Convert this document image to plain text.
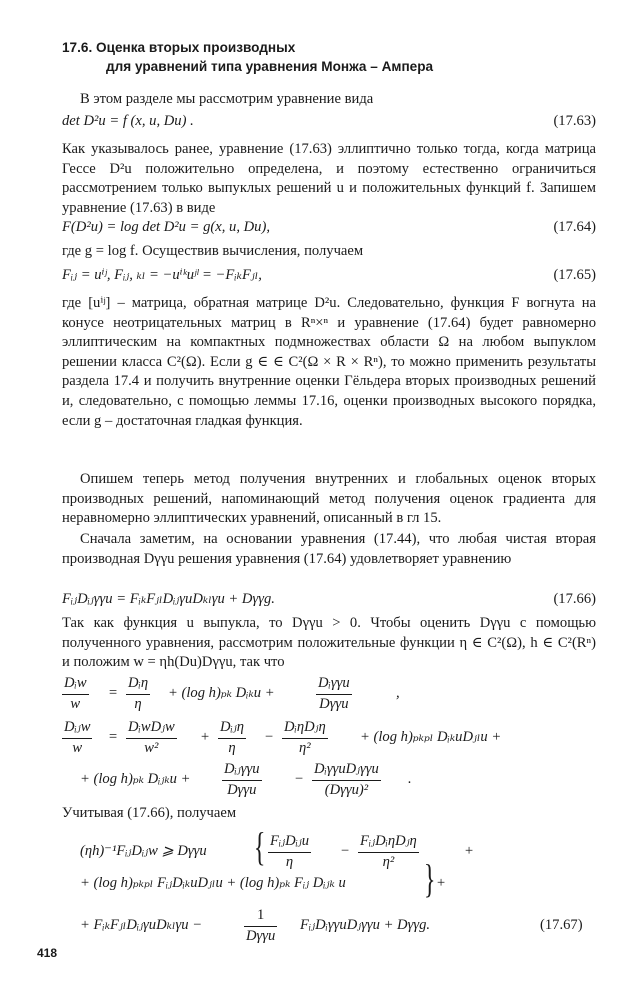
17.6. Оценка вторых производных
для уравнений типа уравнения Монжа – Ампера
В этом разделе мы рассмотрим уравнение вида
det D²u = f (x, u, Du) .	(17.63)
Как указывалось ранее, уравнение (17.63) эллиптично только тогда, когда матрица Гессе D²u положительно определена, и поэтому естественно ограничиться рассмотрением только выпуклых решений u и положительных функций f. Запишем уравнение (17.63) в виде
F(D²u) = log det D²u = g(x, u, Du),	(17.64)
где g = log f. Осуществив вычисления, получаем
Fᵢⱼ = uⁱʲ, Fᵢⱼ, ₖₗ = −uⁱᵏuʲˡ = −FᵢₖFⱼₗ,	(17.65)
где [uⁱʲ] – матрица, обратная матрице D²u. Следовательно, функция F вогнута на конусе неотрицательных матриц в Rⁿ×ⁿ и уравнение (17.64) будет равномерно эллиптическим на компактных подмножествах области Ω на любом выпуклом решении класса C²(Ω). Если g ∈ ∈ C²(Ω × R × Rⁿ), то можно применить результаты раздела 17.4 и получить внутренние оценки Гёльдера вторых производных решений и, следовательно, с помощью леммы 17.16, оценки производных высокого порядка, если g – достаточная гладкая функция.
Опишем теперь метод получения внутренних и глобальных оценок вторых производных решений, напоминающий метод получения оценок градиента для неравномерно эллиптических уравнений, описанный в гл 15.
Сначала заметим, на основании уравнения (17.44), что любая чистая вторая производная Dγγu решения уравнения (17.64) удовлетворяет уравнению
FᵢⱼDᵢⱼγγu = FᵢₖFⱼₗDᵢⱼγuDₖₗγu + Dγγg.	(17.66)
Так как функция u выпукла, то Dγγu > 0. Чтобы оценить Dγγu с помощью полученного уравнения, рассмотрим положительные функции η ∈ C²(Ω), h ∈ C²(Rⁿ) и положим w = ηh(Du)Dγγu, так что
Dᵢw
w
=
Dᵢη
η
+ (log h)ₚₖ Dᵢₖu +
Dᵢγγu
Dγγu
,
Dᵢⱼw
w
=
DᵢwDⱼw
w²
+
Dᵢⱼη
η
−
DᵢηDⱼη
η²
+ (log h)ₚₖₚₗ DᵢₖuDⱼₗu +
+ (log h)ₚₖ Dᵢⱼₖu +
Dᵢⱼγγu
Dγγu
−
DᵢγγuDⱼγγu
(Dγγu)²
.
Учитывая (17.66), получаем
(ηh)⁻¹FᵢⱼDᵢⱼw ⩾ Dγγu { FᵢⱼDᵢⱼu
η
−
FᵢⱼDᵢηDⱼη
η²
+
+ (log h)ₚₖₚₗ FᵢⱼDᵢₖuDⱼₗu + (log h)ₚₖ Fᵢⱼ Dᵢⱼₖ u } +
+ FᵢₖFⱼₗDᵢⱼγuDₖₗγu −
1
Dγγu
FᵢⱼDᵢγγuDⱼγγu + Dγγg.	(17.67)
418
